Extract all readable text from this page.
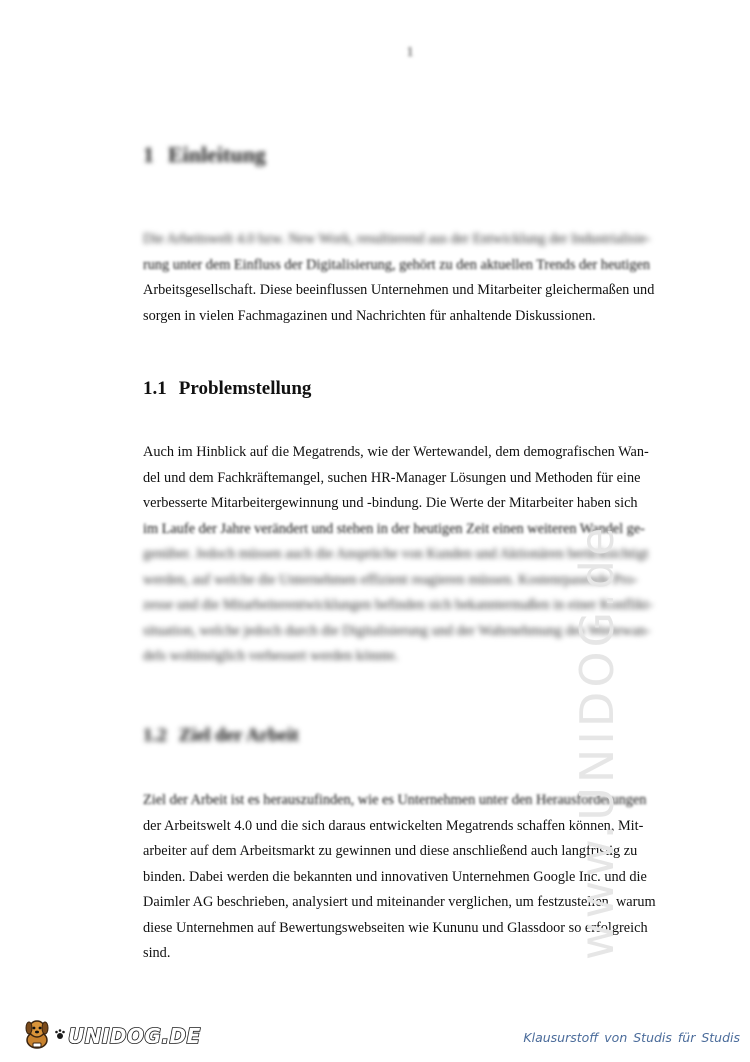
1
1 Einleitung
Die Arbeitswelt 4.0 bzw. New Work, resultierend aus der Entwicklung der Industrialisie-
rung unter dem Einfluss der Digitalisierung, gehört zu den aktuellen Trends der heutigen
Arbeitsgesellschaft. Diese beeinflussen Unternehmen und Mitarbeiter gleichermaßen und
sorgen in vielen Fachmagazinen und Nachrichten für anhaltende Diskussionen.
1.1 Problemstellung
Auch im Hinblick auf die Megatrends, wie der Wertewandel, dem demografischen Wan-
del und dem Fachkräftemangel, suchen HR-Manager Lösungen und Methoden für eine
verbesserte Mitarbeitergewinnung und -bindung. Die Werte der Mitarbeiter haben sich
im Laufe der Jahre verändert und stehen in der heutigen Zeit einen weiteren Wandel ge-
genüber. Jedoch müssen auch die Ansprüche von Kunden und Aktionären berücksichtigt
werden, auf welche die Unternehmen effizient reagieren müssen. Kostenrpasende Pro-
zesse und die Mitarbeiterentwicklungen befinden sich bekanntermaßen in einer Konflikt-
situation, welche jedoch durch die Digitalisierung und der Wahrnehmung des Wertewan-
dels wohlmöglich verbessert werden könnte.
1.2 Ziel der Arbeit
Ziel der Arbeit ist es herauszufinden, wie es Unternehmen unter den Herausforderungen
der Arbeitswelt 4.0 und die sich daraus entwickelten Megatrends schaffen können, Mit-
arbeiter auf dem Arbeitsmarkt zu gewinnen und diese anschließend auch langfristig zu
binden. Dabei werden die bekannten und innovativen Unternehmen Google Inc. und die
Daimler AG beschrieben, analysiert und miteinander verglichen, um festzustellen, warum
diese Unternehmen auf Bewertungswebseiten wie Kununu und Glassdoor so erfolgreich
sind.	www.UNIDOG.de
UNIDOG.DE	Klausurstoff von Studis für Studis
